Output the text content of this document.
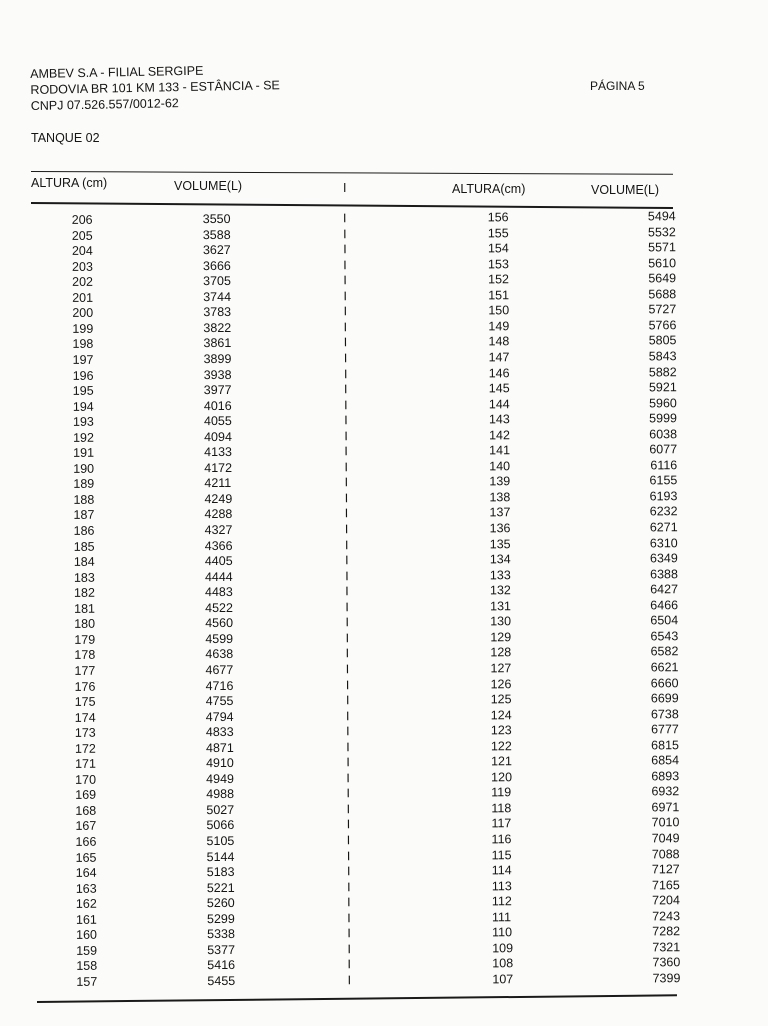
AMBEV S.A - FILIAL SERGIPE
RODOVIA BR 101 KM 133 - ESTÂNCIA - SE
CNPJ 07.526.557/0012-62
PÁGINA 5
TANQUE 02
ALTURA (cm)	VOLUME(L)	I	ALTURA(cm)	VOLUME(L)
206	3550	I	156	5494
205	3588	I	155	5532
204	3627	I	154	5571
203	3666	I	153	5610
202	3705	I	152	5649
201	3744	I	151	5688
200	3783	I	150	5727
199	3822	I	149	5766
198	3861	I	148	5805
197	3899	I	147	5843
196	3938	I	146	5882
195	3977	I	145	5921
194	4016	I	144	5960
193	4055	I	143	5999
192	4094	I	142	6038
191	4133	I	141	6077
190	4172	I	140	6116
189	4211	I	139	6155
188	4249	I	138	6193
187	4288	I	137	6232
186	4327	I	136	6271
185	4366	I	135	6310
184	4405	I	134	6349
183	4444	I	133	6388
182	4483	I	132	6427
181	4522	I	131	6466
180	4560	I	130	6504
179	4599	I	129	6543
178	4638	I	128	6582
177	4677	I	127	6621
176	4716	I	126	6660
175	4755	I	125	6699
174	4794	I	124	6738
173	4833	I	123	6777
172	4871	I	122	6815
171	4910	I	121	6854
170	4949	I	120	6893
169	4988	I	119	6932
168	5027	I	118	6971
167	5066	I	117	7010
166	5105	I	116	7049
165	5144	I	115	7088
164	5183	I	114	7127
163	5221	I	113	7165
162	5260	I	112	7204
161	5299	I	111	7243
160	5338	I	110	7282
159	5377	I	109	7321
158	5416	I	108	7360
157	5455	I	107	7399
